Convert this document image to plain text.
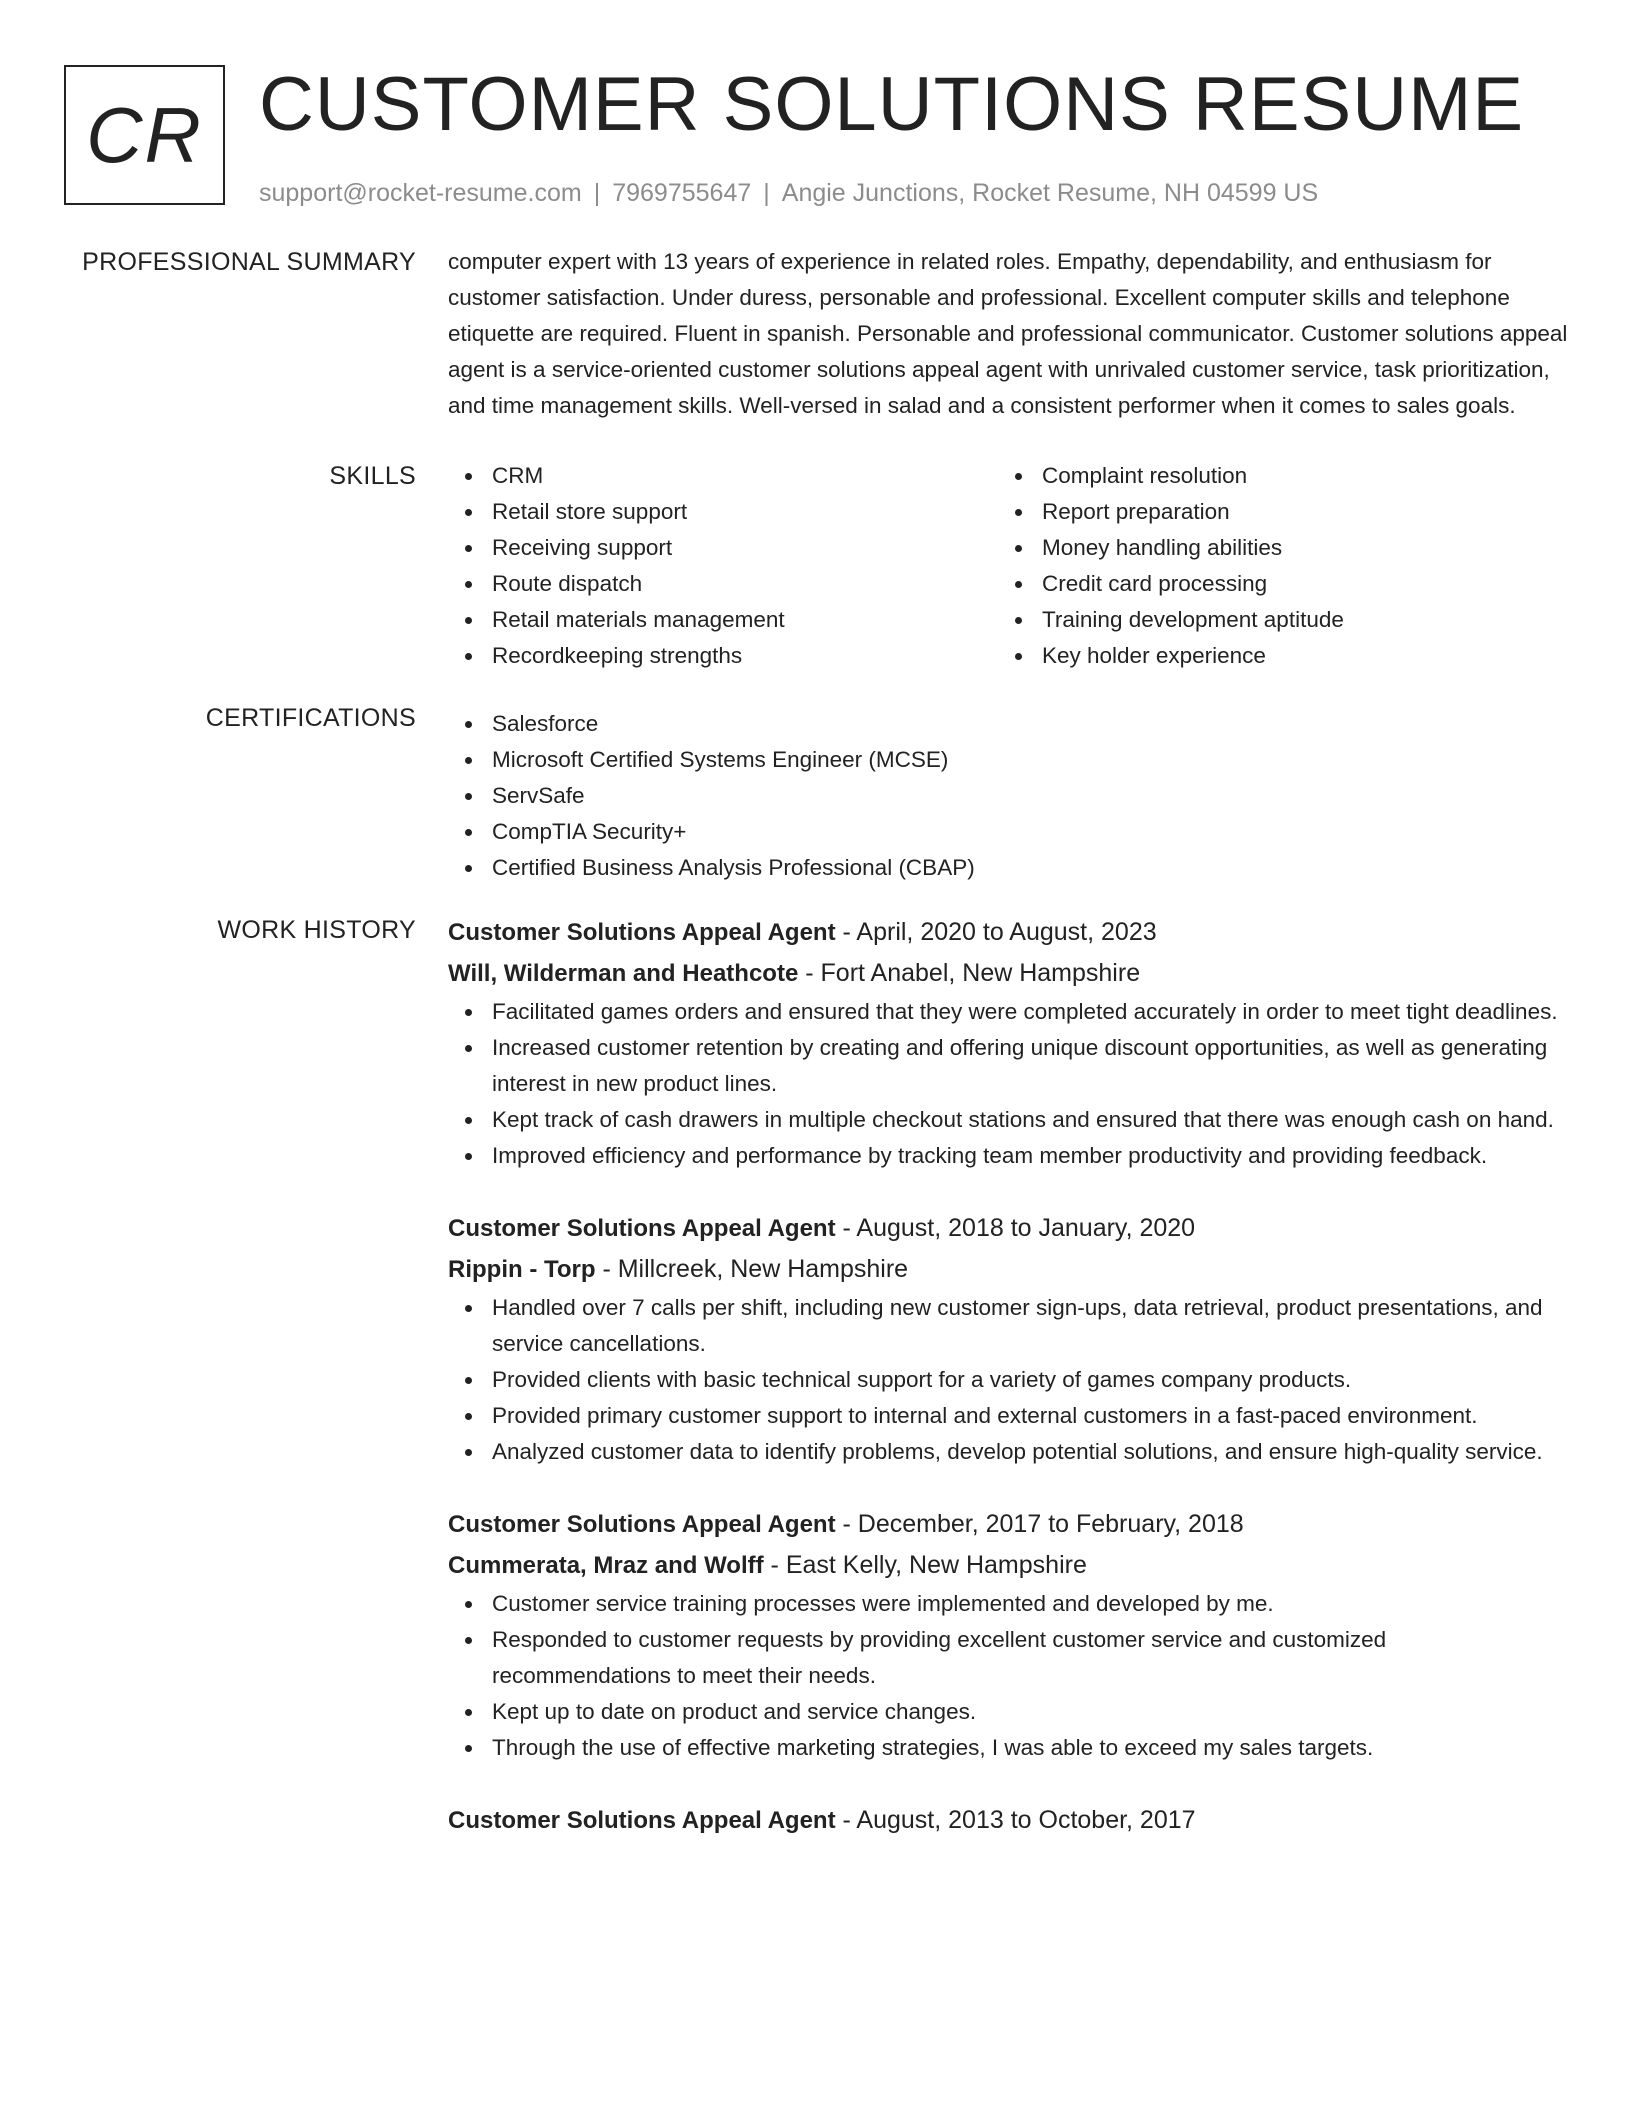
CR CUSTOMER SOLUTIONS RESUME
support@rocket-resume.com | 7969755647 | Angie Junctions, Rocket Resume, NH 04599 US
PROFESSIONAL SUMMARY computer expert with 13 years of experience in related roles. Empathy, dependability, and enthusiasm for customer satisfaction. Under duress, personable and professional. Excellent computer skills and telephone etiquette are required. Fluent in spanish. Personable and professional communicator. Customer solutions appeal agent is a service-oriented customer solutions appeal agent with unrivaled customer service, task prioritization, and time management skills. Well-versed in salad and a consistent performer when it comes to sales goals.
SKILLS	CRM
Retail store support
Receiving support
Route dispatch
Retail materials management
Recordkeeping strengths
Complaint resolution
Report preparation
Money handling abilities
Credit card processing
Training development aptitude
Key holder experience
CERTIFICATIONS	Salesforce
Microsoft Certified Systems Engineer (MCSE)
ServSafe
CompTIA Security+
Certified Business Analysis Professional (CBAP)
WORK HISTORY Customer Solutions Appeal Agent - April, 2020 to August, 2023
Will, Wilderman and Heathcote - Fort Anabel, New Hampshire
Facilitated games orders and ensured that they were completed accurately in order to meet tight deadlines.
Increased customer retention by creating and offering unique discount opportunities, as well as generating interest in new product lines.
Kept track of cash drawers in multiple checkout stations and ensured that there was enough cash on hand.
Improved efficiency and performance by tracking team member productivity and providing feedback.
Customer Solutions Appeal Agent - August, 2018 to January, 2020
Rippin - Torp - Millcreek, New Hampshire
Handled over 7 calls per shift, including new customer sign-ups, data retrieval, product presentations, and service cancellations.
Provided clients with basic technical support for a variety of games company products.
Provided primary customer support to internal and external customers in a fast-paced environment.
Analyzed customer data to identify problems, develop potential solutions, and ensure high-quality service.
Customer Solutions Appeal Agent - December, 2017 to February, 2018
Cummerata, Mraz and Wolff - East Kelly, New Hampshire
Customer service training processes were implemented and developed by me.
Responded to customer requests by providing excellent customer service and customized recommendations to meet their needs.
Kept up to date on product and service changes.
Through the use of effective marketing strategies, I was able to exceed my sales targets.
Customer Solutions Appeal Agent - August, 2013 to October, 2017
